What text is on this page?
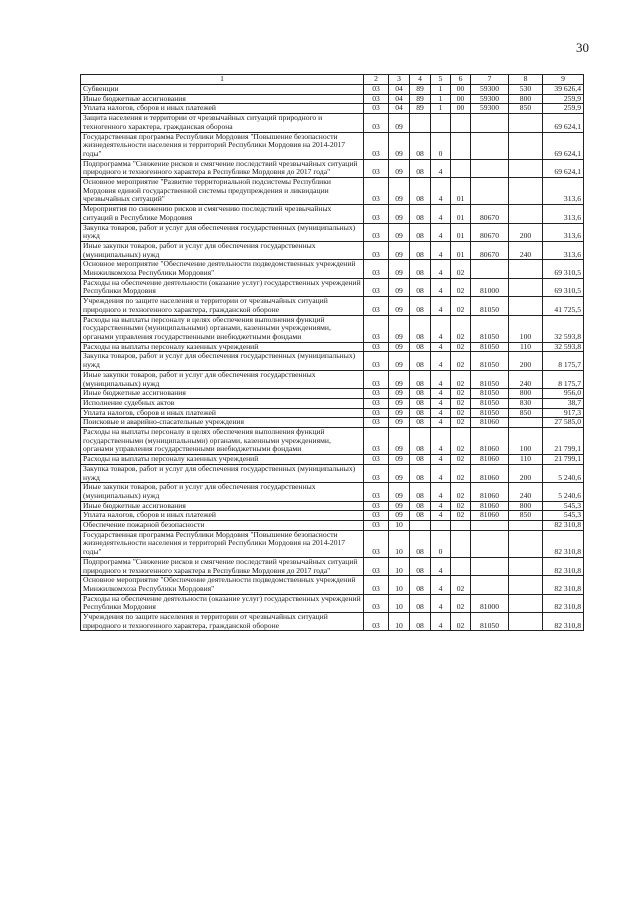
30
1	2	3	4	5	6	7	8	9
Субвенции	03	04	89	1	00	59300	530	39 626,4
Иные бюджетные ассигнования	03	04	89	1	00	59300	800	259,9
Уплата налогов, сборов и иных платежей	03	04	89	1	00	59300	850	259,9
Защита населения и территории от чрезвычайных ситуаций природного и техногенного характера, гражданская оборона	03	09						69 624,1
Государственная программа Республики Мордовия "Повышение безопасности жизнедеятельности населения и территорий Республики Мордовия на 2014-2017 годы"	03	09	08	0				69 624,1
Подпрограмма "Снижение рисков и смягчение последствий чрезвычайных ситуаций природного и техногенного характера в Республике Мордовия до 2017 года"	03	09	08	4				69 624,1
Основное мероприятие "Развитие территориальной подсистемы Республики Мордовия единой государственной системы предупреждения и ликвидации чрезвычайных ситуаций"	03	09	08	4	01			313,6
Мероприятия по снижению рисков и смягчению последствий чрезвычайных ситуаций в Республике Мордовия	03	09	08	4	01	80670		313,6
Закупка товаров, работ и услуг для обеспечения государственных (муниципальных) нужд	03	09	08	4	01	80670	200	313,6
Иные закупки товаров, работ и услуг для обеспечения государственных (муниципальных) нужд	03	09	08	4	01	80670	240	313,6
Основное мероприятие "Обеспечение деятельности подведомственных учреждений Минжилкомхоза Республики Мордовия"	03	09	08	4	02			69 310,5
Расходы на обеспечение деятельности (оказание услуг) государственных учреждений Республики Мордовия	03	09	08	4	02	81000		69 310,5
Учреждения по защите населения и территории от чрезвычайных ситуаций природного и техногенного характера, гражданской обороне	03	09	08	4	02	81050		41 725,5
Расходы на выплаты персоналу в целях обеспечения выполнения функций государственными (муниципальными) органами, казенными учреждениями, органами управления государственными внебюджетными фондами	03	09	08	4	02	81050	100	32 593,8
Расходы на выплаты персоналу казенных учреждений	03	09	08	4	02	81050	110	32 593,8
Закупка товаров, работ и услуг для обеспечения государственных (муниципальных) нужд	03	09	08	4	02	81050	200	8 175,7
Иные закупки товаров, работ и услуг для обеспечения государственных (муниципальных) нужд	03	09	08	4	02	81050	240	8 175,7
Иные бюджетные ассигнования	03	09	08	4	02	81050	800	956,0
Исполнение судебных актов	03	09	08	4	02	81050	830	38,7
Уплата налогов, сборов и иных платежей	03	09	08	4	02	81050	850	917,3
Поисковые и аварийно-спасательные учреждения	03	09	08	4	02	81060		27 585,0
Расходы на выплаты персоналу в целях обеспечения выполнения функций государственными (муниципальными) органами, казенными учреждениями, органами управления государственными внебюджетными фондами	03	09	08	4	02	81060	100	21 799,1
Расходы на выплаты персоналу казенных учреждений	03	09	08	4	02	81060	110	21 799,1
Закупка товаров, работ и услуг для обеспечения государственных (муниципальных) нужд	03	09	08	4	02	81060	200	5 240,6
Иные закупки товаров, работ и услуг для обеспечения государственных (муниципальных) нужд	03	09	08	4	02	81060	240	5 240,6
Иные бюджетные ассигнования	03	09	08	4	02	81060	800	545,3
Уплата налогов, сборов и иных платежей	03	09	08	4	02	81060	850	545,3
Обеспечение пожарной безопасности	03	10						82 310,8
Государственная программа Республики Мордовия "Повышение безопасности жизнедеятельности населения и территорий Республики Мордовия на 2014-2017 годы"	03	10	08	0				82 310,8
Подпрограмма "Снижение рисков и смягчение последствий чрезвычайных ситуаций природного и техногенного характера в Республике Мордовия до 2017 года"	03	10	08	4				82 310,8
Основное мероприятие "Обеспечение деятельности подведомственных учреждений Минжилкомхоза Республики Мордовия"	03	10	08	4	02			82 310,8
Расходы на обеспечение деятельности (оказание услуг) государственных учреждений Республики Мордовия	03	10	08	4	02	81000		82 310,8
Учреждения по защите населения и территории от чрезвычайных ситуаций природного и техногенного характера, гражданской обороне	03	10	08	4	02	81050		82 310,8
